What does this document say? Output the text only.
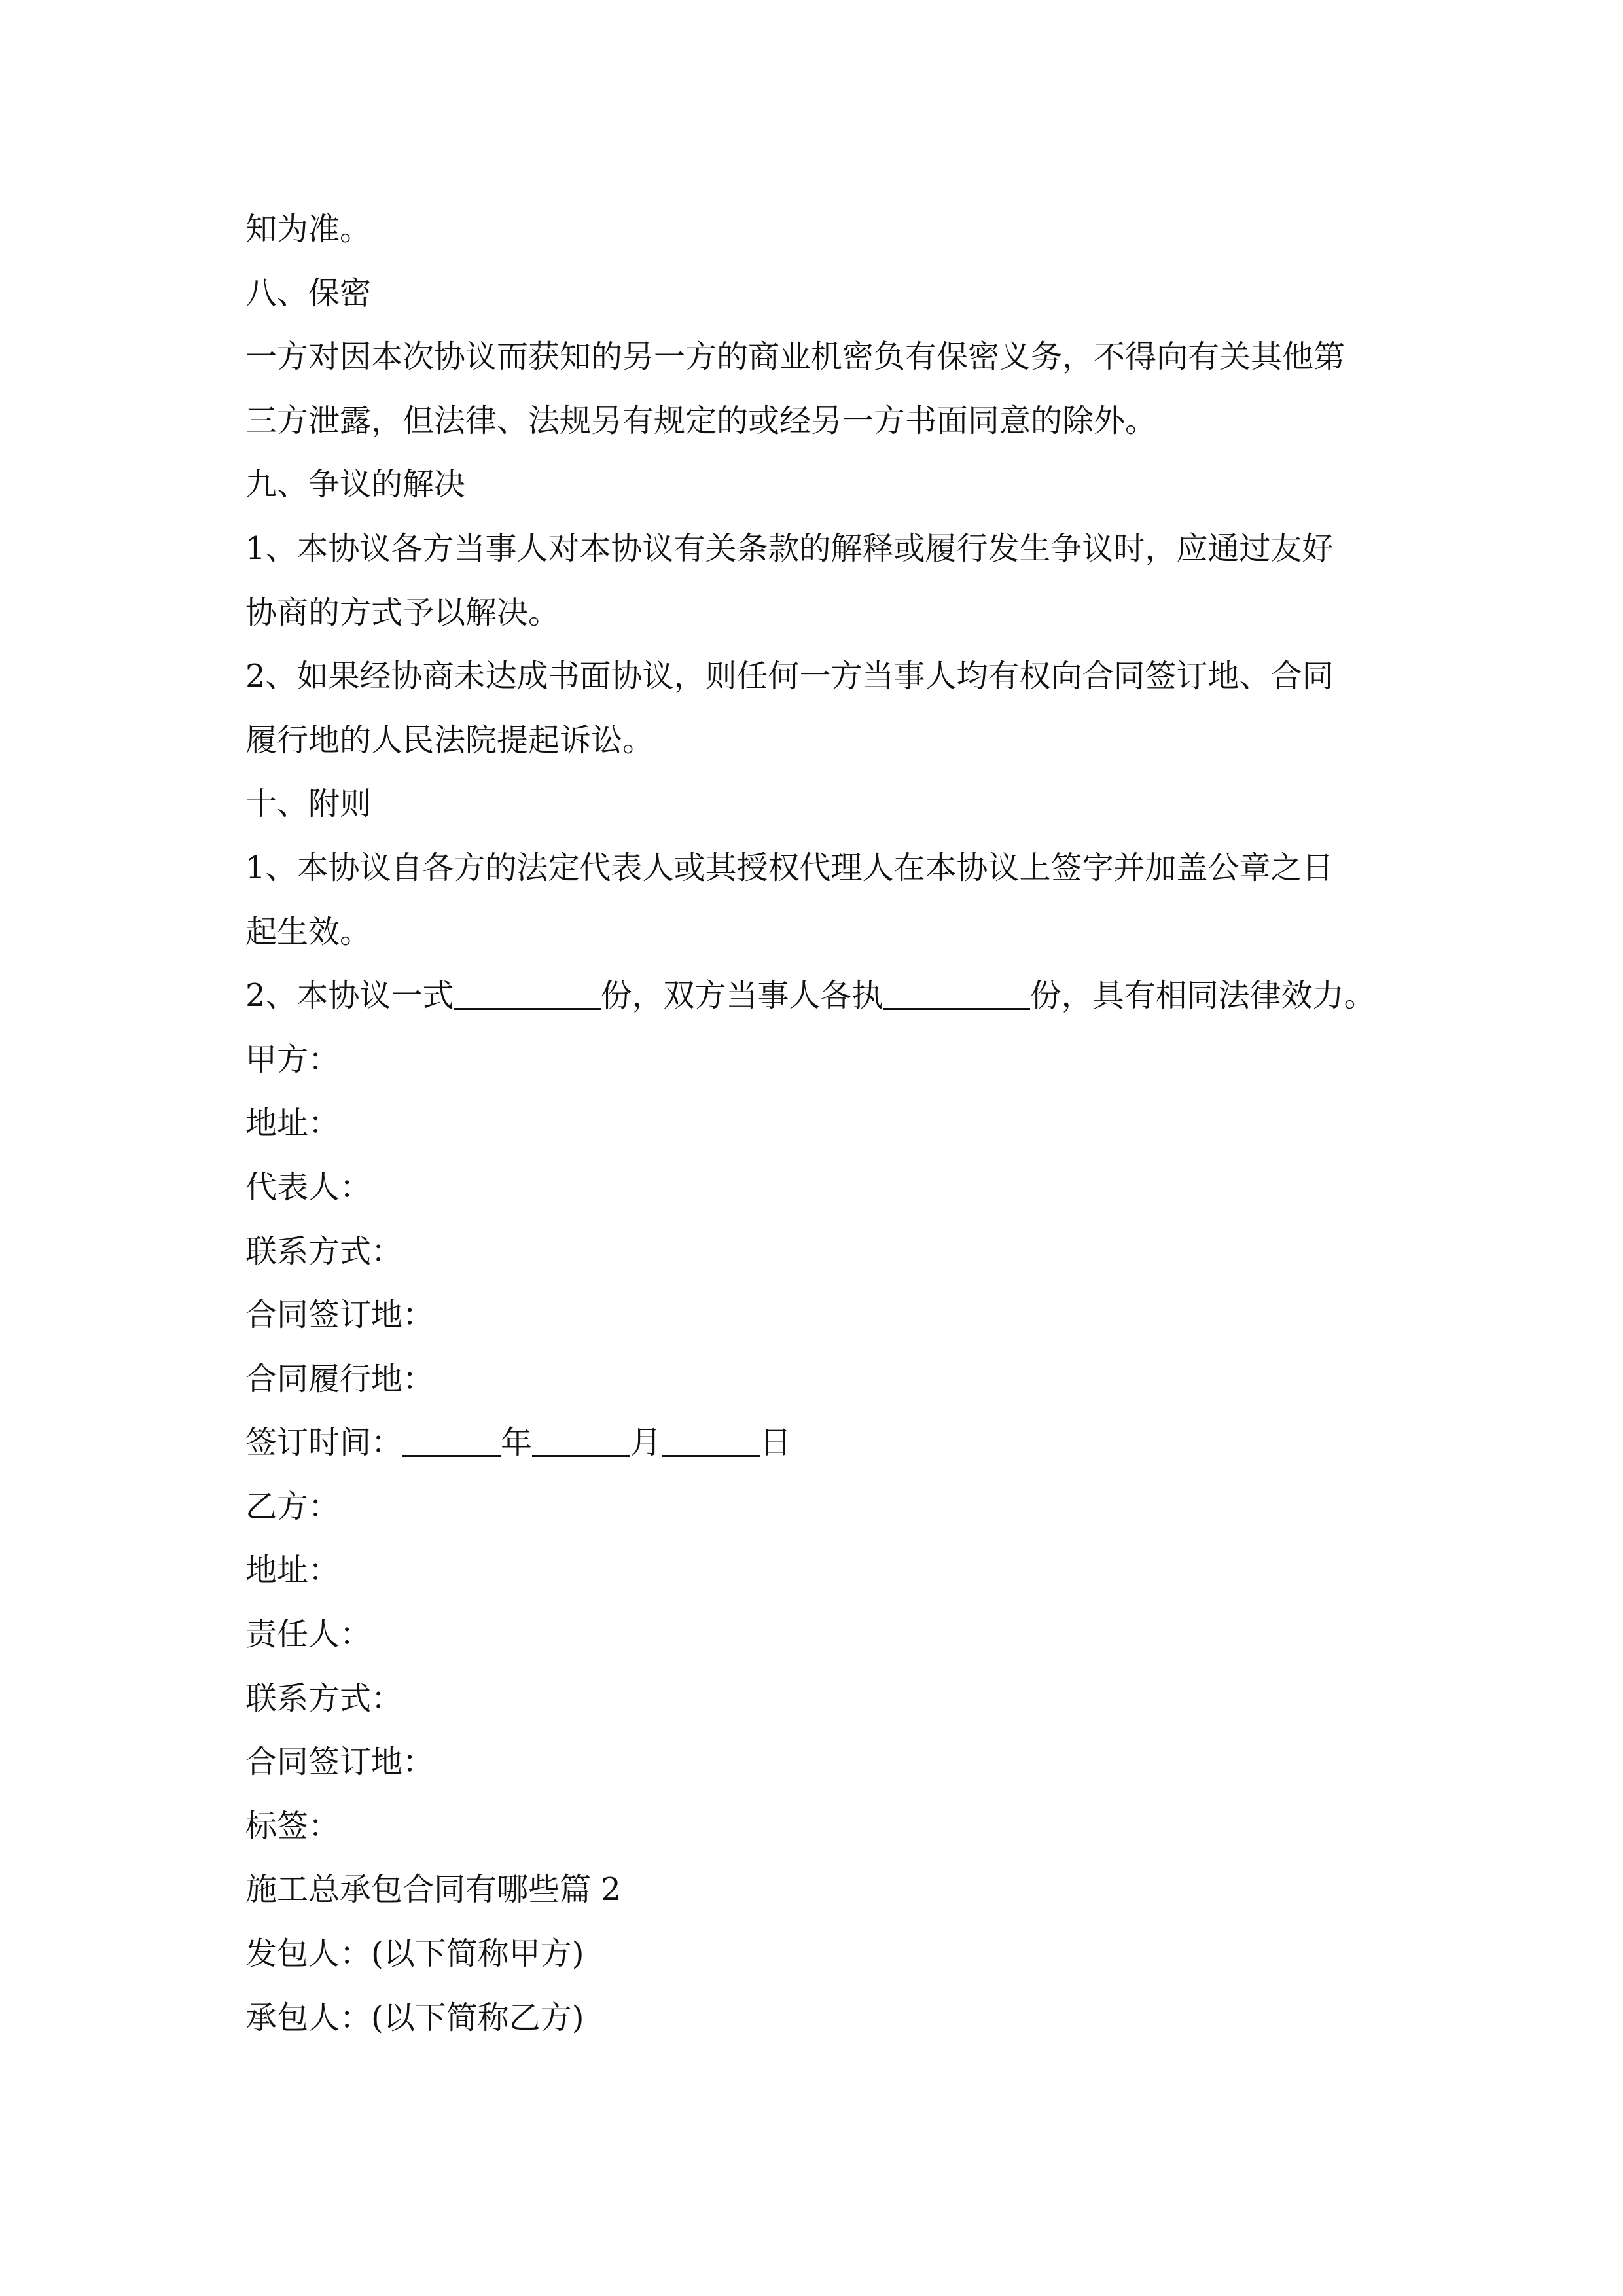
知为准。
八、保密
一方对因本次协议而获知的另一方的商业机密负有保密义务，不得向有关其他第
三方泄露，但法律、法规另有规定的或经另一方书面同意的除外。
九、争议的解决
1、本协议各方当事人对本协议有关条款的解释或履行发生争议时，应通过友好
协商的方式予以解决。
2、如果经协商未达成书面协议，则任何一方当事人均有权向合同签订地、合同
履行地的人民法院提起诉讼。
十、附则
1、本协议自各方的法定代表人或其授权代理人在本协议上签字并加盖公章之日
起生效。
2、本协议一式	份，双方当事人各执	份，具有相同法律效力。
甲方：
地址：
代表人：
联系方式：
合同签订地：
合同履行地：
签订时间：	年	月	日
乙方：
地址：
责任人：
联系方式：
合同签订地：
标签：
施工总承包合同有哪些篇 2
发包人：(以下简称甲方)
承包人：(以下简称乙方)
